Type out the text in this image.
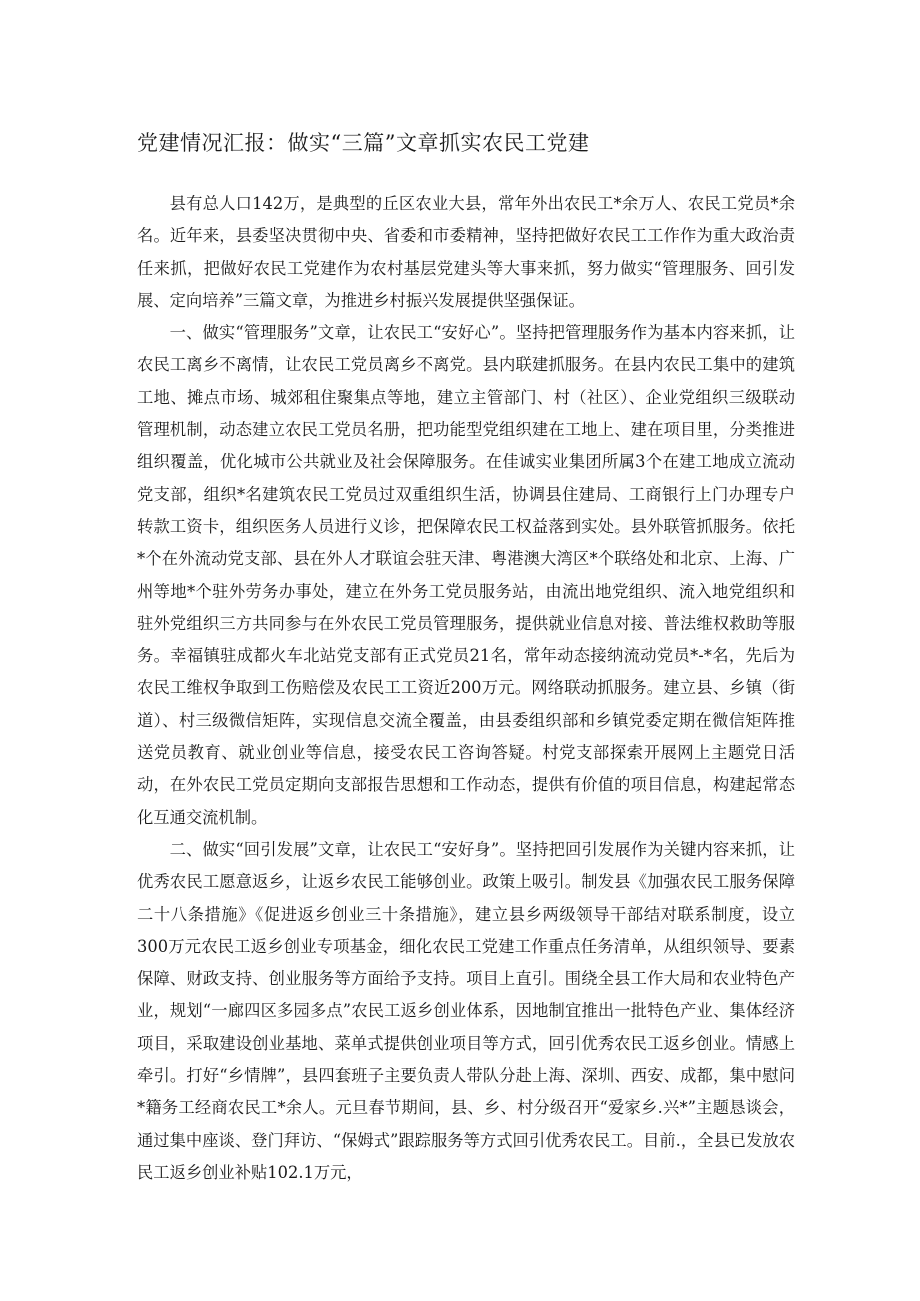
党建情况汇报：做实“三篇”文章抓实农民工党建

县有总人口142万，是典型的丘区农业大县，常年外出农民工*余万人、农民工党员*余名。近年来，县委坚决贯彻中央、省委和市委精神，坚持把做好农民工工作作为重大政治责任来抓，把做好农民工党建作为农村基层党建头等大事来抓，努力做实“管理服务、回引发展、定向培养”三篇文章，为推进乡村振兴发展提供坚强保证。

一、做实“管理服务”文章，让农民工“安好心”。坚持把管理服务作为基本内容来抓，让农民工离乡不离情，让农民工党员离乡不离党。县内联建抓服务。在县内农民工集中的建筑工地、摊点市场、城郊租住聚集点等地，建立主管部门、村（社区）、企业党组织三级联动管理机制，动态建立农民工党员名册，把功能型党组织建在工地上、建在项目里，分类推进组织覆盖，优化城市公共就业及社会保障服务。在佳诚实业集团所属3个在建工地成立流动党支部，组织*名建筑农民工党员过双重组织生活，协调县住建局、工商银行上门办理专户转款工资卡，组织医务人员进行义诊，把保障农民工权益落到实处。县外联管抓服务。依托*个在外流动党支部、县在外人才联谊会驻天津、粤港澳大湾区*个联络处和北京、上海、广州等地*个驻外劳务办事处，建立在外务工党员服务站，由流出地党组织、流入地党组织和驻外党组织三方共同参与在外农民工党员管理服务，提供就业信息对接、普法维权救助等服务。幸福镇驻成都火车北站党支部有正式党员21名，常年动态接纳流动党员*-*名，先后为农民工维权争取到工伤赔偿及农民工工资近200万元。网络联动抓服务。建立县、乡镇（街道）、村三级微信矩阵，实现信息交流全覆盖，由县委组织部和乡镇党委定期在微信矩阵推送党员教育、就业创业等信息，接受农民工咨询答疑。村党支部探索开展网上主题党日活动，在外农民工党员定期向支部报告思想和工作动态，提供有价值的项目信息，构建起常态化互通交流机制。

二、做实“回引发展”文章，让农民工“安好身”。坚持把回引发展作为关键内容来抓，让优秀农民工愿意返乡，让返乡农民工能够创业。政策上吸引。制发县《加强农民工服务保障二十八条措施》《促进返乡创业三十条措施》，建立县乡两级领导干部结对联系制度，设立300万元农民工返乡创业专项基金，细化农民工党建工作重点任务清单，从组织领导、要素保障、财政支持、创业服务等方面给予支持。项目上直引。围绕全县工作大局和农业特色产业，规划“一廊四区多园多点”农民工返乡创业体系，因地制宜推出一批特色产业、集体经济项目，采取建设创业基地、菜单式提供创业项目等方式，回引优秀农民工返乡创业。情感上牵引。打好“乡情牌”，县四套班子主要负责人带队分赴上海、深圳、西安、成都，集中慰问*籍务工经商农民工*余人。元旦春节期间，县、乡、村分级召开“爱家乡.兴*”主题恳谈会，通过集中座谈、登门拜访、“保姆式”跟踪服务等方式回引优秀农民工。目前.，全县已发放农民工返乡创业补贴102.1万元，
